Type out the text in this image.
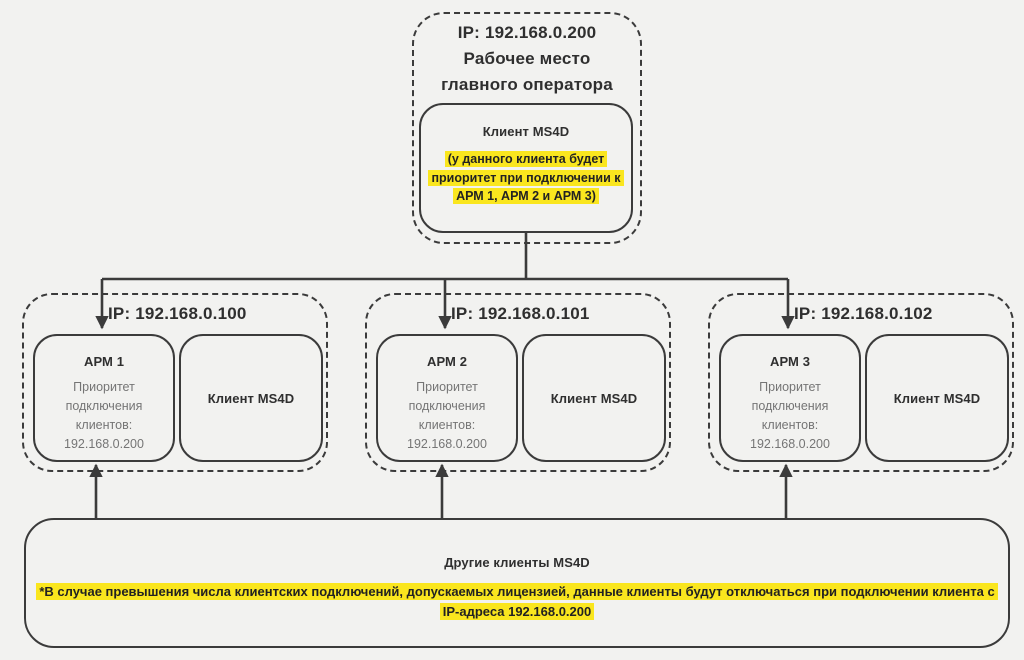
IP: 192.168.0.200
Рабочее место
главного оператора
Клиент MS4D
(у данного клиента будет
приоритет при подключении к
АРМ 1, АРМ 2 и АРМ 3)
IP: 192.168.0.100
АРМ 1
Приоритет
подключения
клиентов:
192.168.0.200
Клиент MS4D
IP: 192.168.0.101
АРМ 2
Приоритет
подключения
клиентов:
192.168.0.200
Клиент MS4D
IP: 192.168.0.102
АРМ 3
Приоритет
подключения
клиентов:
192.168.0.200
Клиент MS4D
Другие клиенты MS4D
*В случае превышения числа клиентских подключений, допускаемых лицензией, данные клиенты будут отключаться при подключении клиента с
IP-адреса 192.168.0.200
